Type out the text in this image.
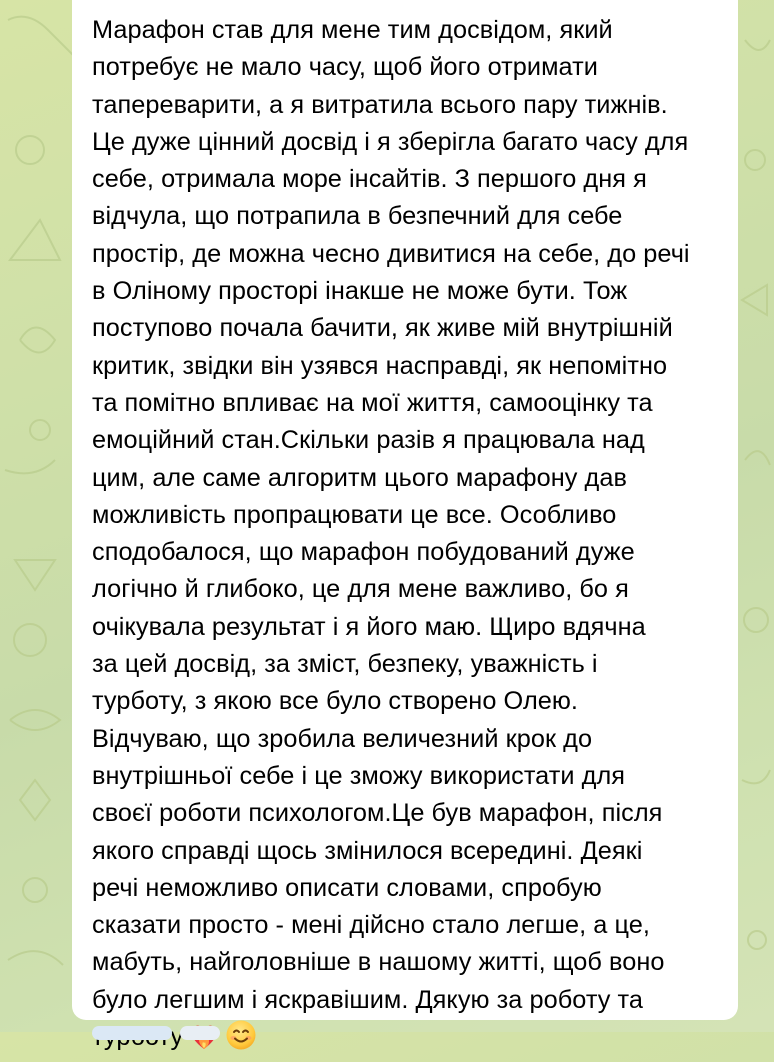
Марафон став для мене тим досвідом, який
потребує не мало часу, щоб його отримати
тапереварити, а я витратила всього пару тижнів.
Це дуже цінний досвід і я зберігла багато часу для
себе, отримала море інсайтів. З першого дня я
відчула, що потрапила в безпечний для себе
простір, де можна чесно дивитися на себе, до речі
в Оліному просторі інакше не може бути. Тож
поступово почала бачити, як живе мій внутрішній
критик, звідки він узявся насправді, як непомітно
та помітно впливає на мої життя, самооцінку та
емоційний стан.Скільки разів я працювала над
цим, але саме алгоритм цього марафону дав
можливість пропрацювати це все. Особливо
сподобалося, що марафон побудований дуже
логічно й глибоко, це для мене важливо, бо я
очікувала результат і я його маю. Щиро вдячна
за цей досвід, за зміст, безпеку, уважність і
турботу, з якою все було створено Олею.
Відчуваю, що зробила величезний крок до
внутрішньої себе і це зможу використати для
своєї роботи психологом.Це був марафон, після
якого справді щось змінилося всередині. Деякі
речі неможливо описати словами, спробую
сказати просто - мені дійсно стало легше, а це,
мабуть, найголовніше в нашому житті, щоб воно
було легшим і яскравішим. Дякую за роботу та
